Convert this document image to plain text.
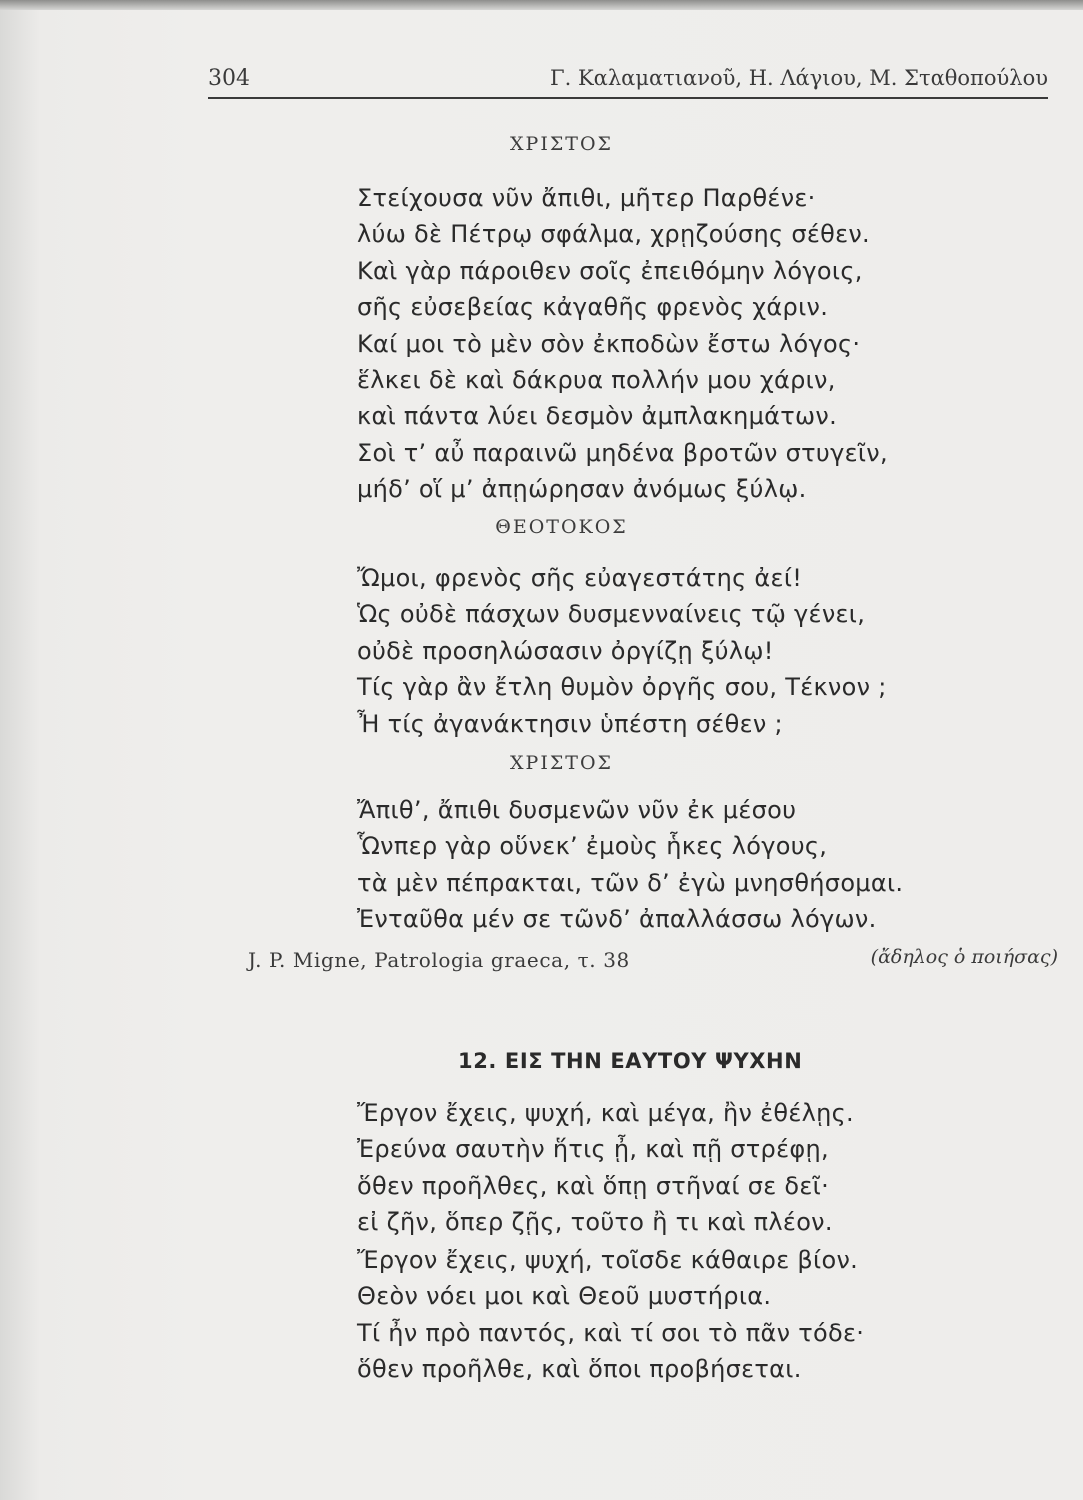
304	Γ. Καλαματιανοῦ, Η. Λάγιου, Μ. Σταθοπούλου
ΧΡΙΣΤΟΣ
Στείχουσα νῦν ἄπιθι, μῆτερ Παρθένε·
λύω δὲ Πέτρῳ σφάλμα, χρῃζούσης σέθεν.
Καὶ γὰρ πάροιθεν σοῖς ἐπειθόμην λόγοις,
σῆς εὐσεβείας κἀγαθῆς φρενὸς χάριν.
Καί μοι τὸ μὲν σὸν ἐκποδὼν ἔστω λόγος·
ἕλκει δὲ καὶ δάκρυα πολλήν μου χάριν,
καὶ πάντα λύει δεσμὸν ἀμπλακημάτων.
Σοὶ τ’ αὖ παραινῶ μηδένα βροτῶν στυγεῖν,
μήδ’ οἵ μ’ ἀπῃώρησαν ἀνόμως ξύλῳ.
ΘΕΟΤΟΚΟΣ
Ὤμοι, φρενὸς σῆς εὐαγεστάτης ἀεί!
Ὡς οὐδὲ πάσχων δυσμενναίνεις τῷ γένει,
οὐδὲ προσηλώσασιν ὀργίζῃ ξύλῳ!
Τίς γὰρ ἂν ἔτλη θυμὸν ὀργῆς σου, Τέκνον ;
Ἦ τίς ἀγανάκτησιν ὑπέστη σέθεν ;
ΧΡΙΣΤΟΣ
Ἄπιθ’, ἄπιθι δυσμενῶν νῦν ἐκ μέσου
Ὧνπερ γὰρ οὕνεκ’ ἐμοὺς ἧκες λόγους,
τὰ μὲν πέπρακται, τῶν δ’ ἐγὼ μνησθήσομαι.
Ἐνταῦθα μέν σε τῶνδ’ ἀπαλλάσσω λόγων.
J. P. Migne, Patrologia graeca, τ. 38	(ἄδηλος ὁ ποιήσας)
12. ΕΙΣ ΤΗΝ ΕΑΥΤΟΥ ΨΥΧΗΝ
Ἔργον ἔχεις, ψυχή, καὶ μέγα, ἢν ἐθέλῃς.
Ἐρεύνα σαυτὴν ἥτις ᾖ, καὶ πῇ στρέφῃ,
ὅθεν προῆλθες, καὶ ὅπῃ στῆναί σε δεῖ·
εἰ ζῆν, ὅπερ ζῇς, τοῦτο ἢ τι καὶ πλέον.
Ἔργον ἔχεις, ψυχή, τοῖσδε κάθαιρε βίον.
Θεὸν νόει μοι καὶ Θεοῦ μυστήρια.
Τί ἦν πρὸ παντός, καὶ τί σοι τὸ πᾶν τόδε·
ὅθεν προῆλθε, καὶ ὅποι προβήσεται.
